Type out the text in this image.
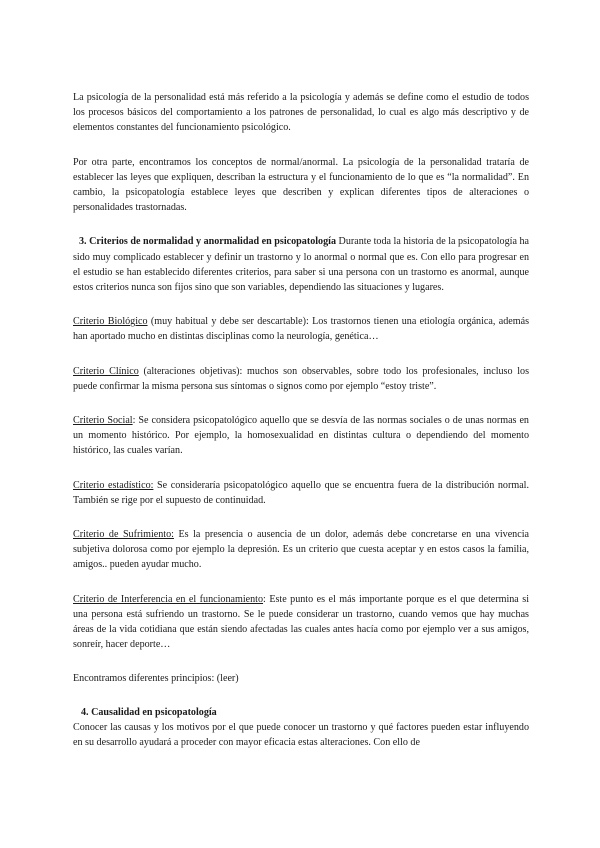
La psicología de la personalidad está más referido a la psicología y además se define como el estudio de todos los procesos básicos del comportamiento a los patrones de personalidad, lo cual es algo más descriptivo y de elementos constantes del funcionamiento psicológico.

Por otra parte, encontramos los conceptos de normal/anormal. La psicología de la personalidad trataría de establecer las leyes que expliquen, describan la estructura y el funcionamiento de lo que es “la normalidad”. En cambio, la psicopatología establece leyes que describen y explican diferentes tipos de alteraciones o personalidades trastornadas.

3. Criterios de normalidad y anormalidad en psicopatología Durante toda la historia de la psicopatología ha sido muy complicado establecer y definir un trastorno y lo anormal o normal que es. Con ello para progresar en el estudio se han establecido diferentes criterios, para saber si una persona con un trastorno es anormal, aunque estos criterios nunca son fijos sino que son variables, dependiendo las situaciones y lugares.

Criterio Biológico (muy habitual y debe ser descartable): Los trastornos tienen una etiología orgánica, además han aportado mucho en distintas disciplinas como la neurología, genética…

Criterio Clínico (alteraciones objetivas): muchos son observables, sobre todo los profesionales, incluso los puede confirmar la misma persona sus síntomas o signos como por ejemplo “estoy triste”.

Criterio Social: Se considera psicopatológico aquello que se desvía de las normas sociales o de unas normas en un momento histórico. Por ejemplo, la homosexualidad en distintas cultura o dependiendo del momento histórico, las cuales varían.

Criterio estadístico: Se consideraría psicopatológico aquello que se encuentra fuera de la distribución normal. También se rige por el supuesto de continuidad.

Criterio de Sufrimiento: Es la presencia o ausencia de un dolor, además debe concretarse en una vivencia subjetiva dolorosa como por ejemplo la depresión. Es un criterio que cuesta aceptar y en estos casos la familia, amigos.. pueden ayudar mucho.

Criterio de Interferencia en el funcionamiento: Este punto es el más importante porque es el que determina si una persona está sufriendo un trastorno. Se le puede considerar un trastorno, cuando vemos que hay muchas áreas de la vida cotidiana que están siendo afectadas las cuales antes hacía como por ejemplo ver a sus amigos, sonreír, hacer deporte…

Encontramos diferentes principios: (leer)

4. Causalidad en psicopatología

Conocer las causas y los motivos por el que puede conocer un trastorno y qué factores pueden estar influyendo en su desarrollo ayudará a proceder con mayor eficacia estas alteraciones. Con ello de
